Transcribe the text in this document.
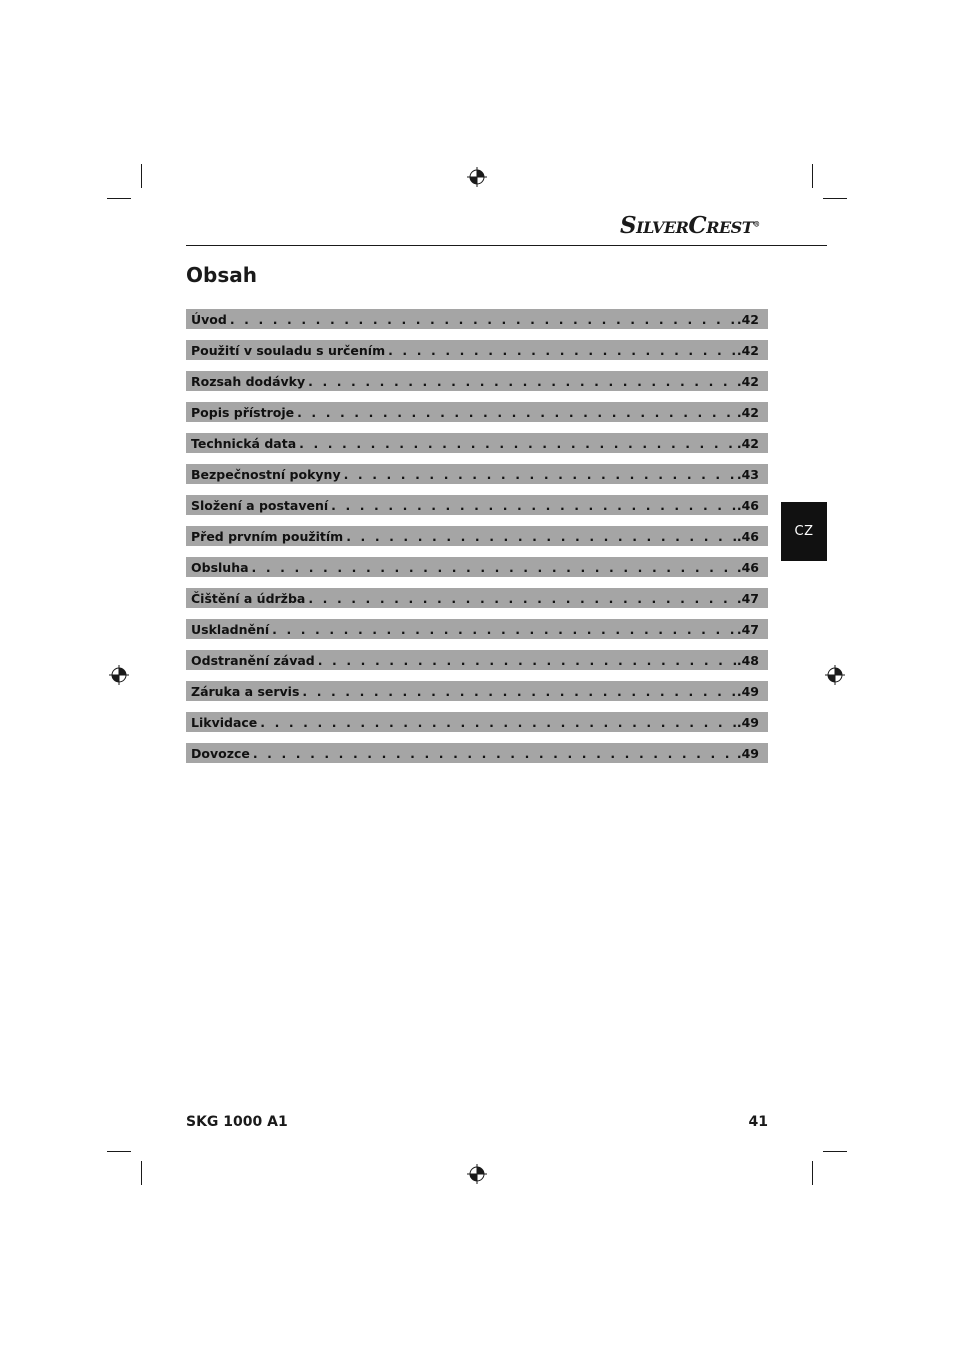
SILVERCREST®
Obsah
Úvod . . .	.42
Použití v souladu s určením . . .	.42
Rozsah dodávky . . .	.42
Popis přístroje . . .	.42
Technická data . . .	.42
Bezpečnostní pokyny . . .	.43
Složení a postavení . . .	.46
Před prvním použitím . . .	.46
Obsluha . . .	.46
Čištění a údržba . . .	.47
Uskladnění . . .	.47
Odstranění závad . . .	.48
Záruka a servis . . .	.49
Likvidace . . .	.49
Dovozce . . .	.49
CZ
SKG 1000 A1	41
